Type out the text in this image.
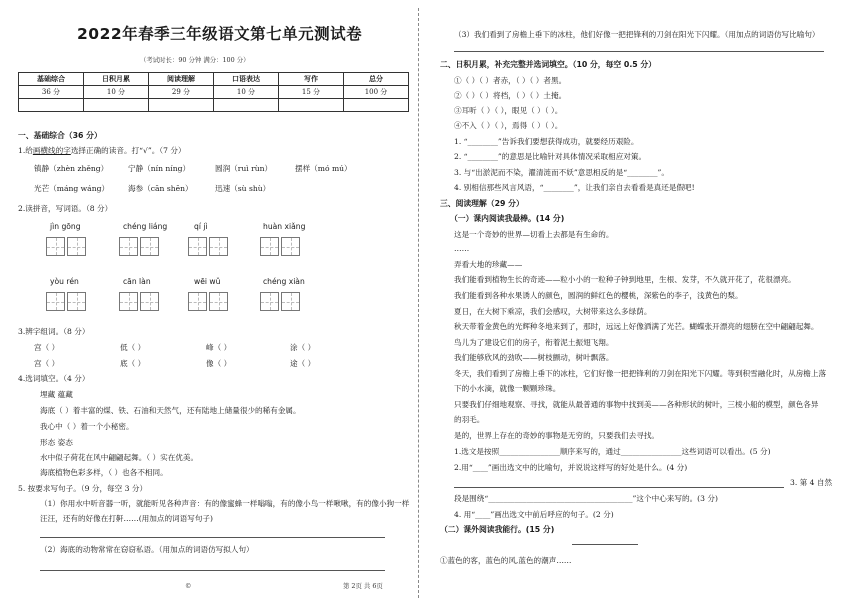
2022年春季三年级语文第七单元测试卷
（考试时长：90 分钟 满分：100 分）
基础综合	日积月累	阅读理解	口语表达	写作	总分
36 分	10 分	29 分	10 分	15 分	100 分

一、基础综合（36 分）
1.给画横线的字选择正确的读音。打“√”。（7 分）
镇静（zhèn zhěng）	宁静（nín níng）	圆润（ruì rùn）	摆样（mó mú）
光芒（máng wáng） 海参（cān shēn）	迅速（sù shù）
2.读拼音，写词语。（8 分）
jìn gōng	chéng liáng	qí jì	huàn xiǎng
yòu rén	cān làn	wēi wǔ	chéng xiàn
3.辨字组词。（8 分）
宫（ ）	低（ ）	峰（ ）	涂（ ）
宫（ ）	底（ ）	像（ ）	途（ ）
4.选词填空。（4 分）
埋藏 蕴藏
海底（ ）着丰富的煤、铁、石油和天然气，还有陆地上储量很少的稀有金属。
我心中（ ）着一个小秘密。
形态 姿态
水中似子荷花在风中翩翩起舞。（ ）实在优美。
海底植物色彩多样，（ ）也各不相同。
5. 按要求写句子。（9 分，每空 3 分）
（1）你用水中听音器一听，就能听见各种声音：有的像蜜蜂一样嗡嗡，有的像小鸟一样啾啾，有的像小狗一样
汪汪，还有的好像在打鼾……(用加点的词语写句子)
（2）海底的动物常常在窃窃私语。（用加点的词语仿写拟人句）
©
（3）我们看到了房檐上垂下的冰柱，他们好像一把把锋利的刀剑在阳光下闪耀。（用加点的词语仿写比喻句）
二、日积月累，补充完整并选词填空。（10 分，每空 0.5 分）
①（ ）（ ）者赤，（ ）（ ）者黑。
②（ ）（ ）将档，（ ）（ ）土掩。
③耳听（ ）（ ），眼见（ ）（ ）。
④不入（ ）（ ），焉得（ ）（ ）。
1. “________”告诉我们要想获得成功，就要经历艰险。
2. “________”的意思是比喻针对具体情况采取相应对策。
3. 与“出淤泥而不染，濯清涟而不妖”意思相反的是“________”。
4. 别相信那些风言风语，“________”，让我们亲自去看看是真还是假吧!
三、阅读理解（29 分）
（一）课内阅读我最棒。(14 分)
这是一个奇妙的世界—切看上去都是有生命的。
……
弄看大地的珍藏——
我们能看到植物生长的奇迹——粒小小的一粒种子钟到地里，生根、发芽，不久就开花了，花很漂亮。
我们能看到各种水果诱人的颜色，圆润的鲜红色的樱桃，深紫色的李子，浅黄色的梨。
夏日，在大树下乘凉，我们会感叹，大树带来这么多绿荫。
秋天带着金黄色的光辉种冬地来到了，那时，远远上好像洒满了光芒。蝴蝶张开漂亮的翅膀在空中翩翩起舞。
鸟儿为了建设它们的房子，衔着泥土振翅飞翔。
我们能够欣风的劲吹——树枝颤动，树叶飘落。
冬天，我们看到了房檐上垂下的冰柱，它们好像一把把锋利的刀剑在阳光下闪耀。等到积雪融化时，从房檐上落
下的小水滴，就像一颗颗珍珠。
只要我们仔细地观察、寻找，就能从最普通的事物中找到美——各种形状的树叶，三棱小船的模型，颜色各异
的羽毛。
是的，世界上存在的奇妙的事物是无穷的，只要我们去寻找。
1.选文是按照________________顺序来写的，通过________________这些词语可以看出。(5 分)
2.用“____”画出选文中的比喻句，并说说这样写的好处是什么。(4 分)
3. 第 4 自然
段是围绕“______________________________________”这个中心来写的。(3 分)
4. 用“____”画出选文中前后呼应的句子。(2 分)
（二）课外阅读我能行。(15 分)
①蓝色的客，蓝色的风,蓝色的潮声……
第 2页 共 6页
